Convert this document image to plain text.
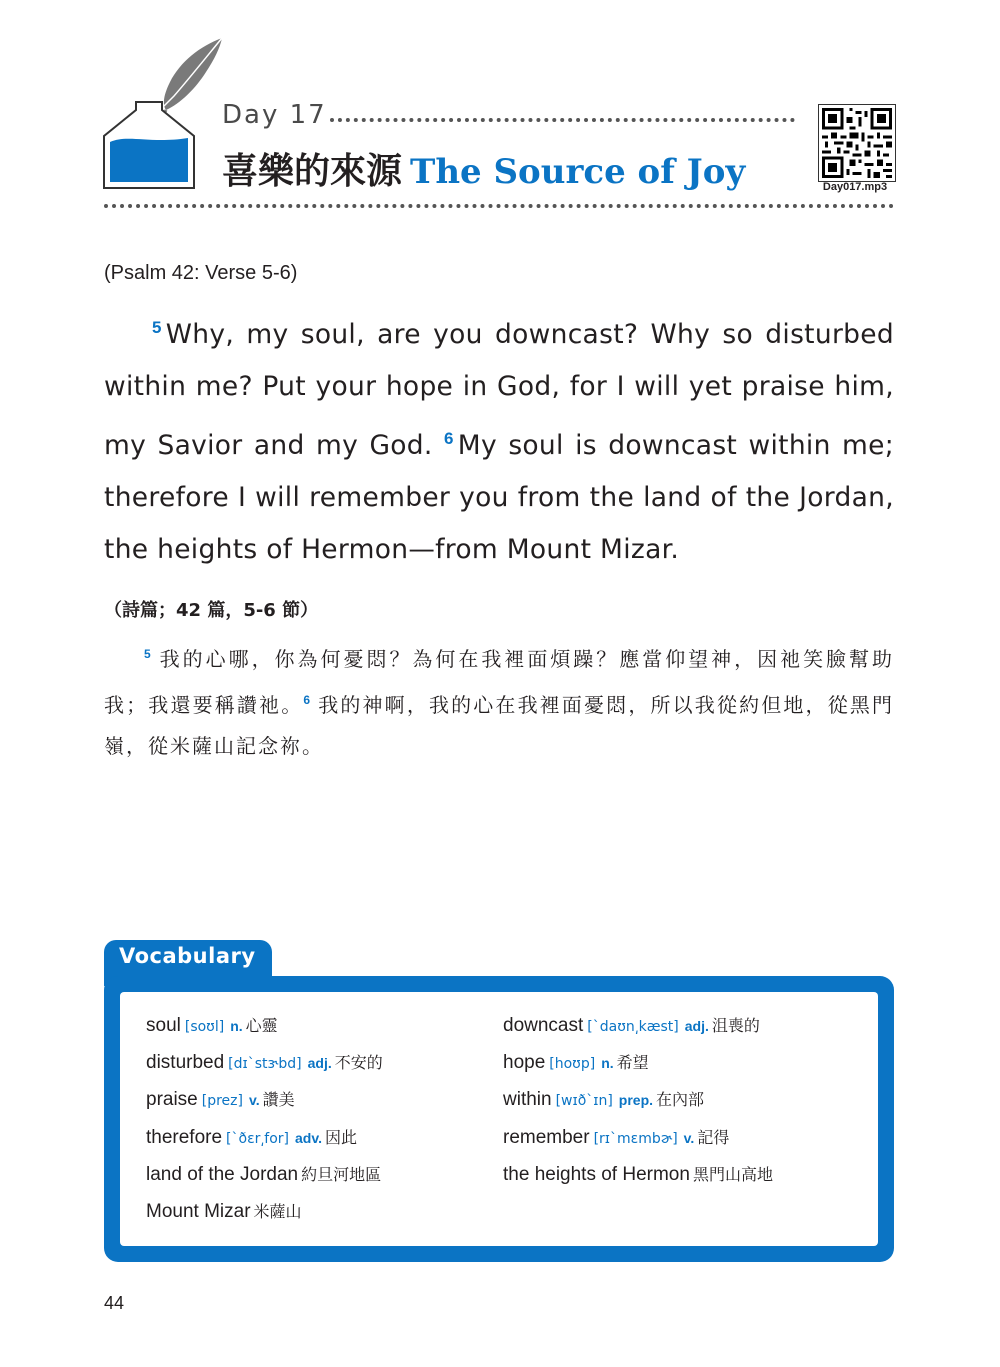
Day 17
喜樂的來源 The Source of Joy	Day017.mp3
(Psalm 42: Verse 5-6)
$^5$ Why, my soul, are you downcast? Why so disturbed within me? Put your hope in God, for I will yet praise him, my Savior and my God. $^6$ My soul is downcast within me; therefore I will remember you from the land of the Jordan, the heights of Hermon—from Mount Mizar.
（詩篇；42 篇，5-6 節）
$^5$ 我的心哪，你為何憂悶？為何在我裡面煩躁？應當仰望神，因祂笑臉幫助我；我還要稱讚祂。$^6$ 我的神啊，我的心在我裡面憂悶，所以我從約但地，從黑門嶺，從米薩山記念祢。
Vocabulary
soul [soʊl] n. 心靈
disturbed [dɪˋstɝbd] adj. 不安的
praise [prez] v. 讚美
therefore [ˋðɛr͵for] adv. 因此
land of the Jordan 約旦河地區
Mount Mizar 米薩山
downcast [ˋdaʊn͵kæst] adj. 沮喪的
hope [hoʊp] n. 希望
within [wɪðˋɪn] prep. 在內部
remember [rɪˋmɛmbɚ] v. 記得
the heights of Hermon 黑門山高地
44
